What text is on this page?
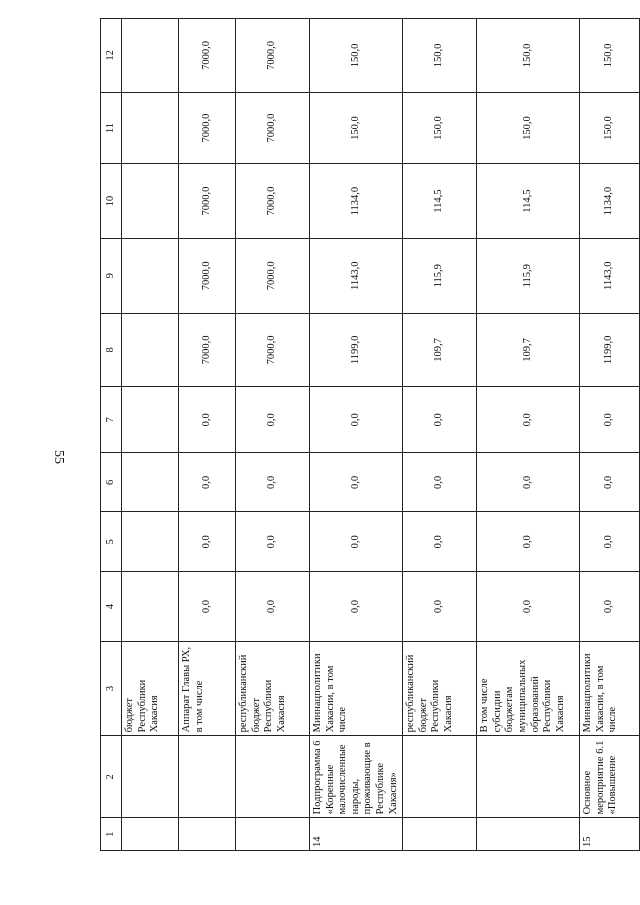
55
1	2	3	4	5	6	7	8	9	10	11	12
		бюджет Республики Хакасия									
		Аппарат Главы РХ, в том числе	0,0	0,0	0,0	0,0	7000,0	7000,0	7000,0	7000,0	7000,0
		республиканский бюджет Республики Хакасия	0,0	0,0	0,0	0,0	7000,0	7000,0	7000,0	7000,0	7000,0
14	Подпрограмма 6 «Коренные малочисленные народы, проживающие в Республике Хакасия»	Миннацполитики Хакасии, в том числе	0,0	0,0	0,0	0,0	1199,0	1143,0	1134,0	150,0	150,0
		республиканский бюджет Республики Хакасия	0,0	0,0	0,0	0,0	109,7	115,9	114,5	150,0	150,0
		В том числе субсидии бюджетам муниципальных образований Республики Хакасия	0,0	0,0	0,0	0,0	109,7	115,9	114,5	150,0	150,0
15	Основное мероприятие 6.1 «Повышение	Миннацполитики Хакасии, в том числе	0,0	0,0	0,0	0,0	1199,0	1143,0	1134,0	150,0	150,0
